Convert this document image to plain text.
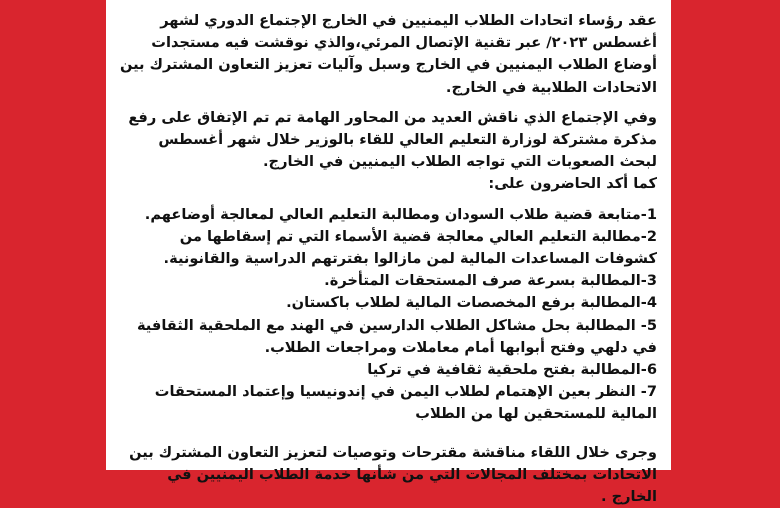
عقد رؤساء اتحادات الطلاب اليمنيين في الخارج الإجتماع الدوري لشهر أغسطس ٢٠٢٣/ عبر تقنية الإتصال المرئي،والذي نوقشت فيه مستجدات أوضاع الطلاب اليمنيين في الخارج وسبل وآليات تعزيز التعاون المشترك بين الاتحادات الطلابية في الخارج.

وفي الإجتماع الذي ناقش العديد من المحاور الهامة تم تم الإتفاق على رفع مذكرة مشتركة لوزارة التعليم العالي للقاء بالوزير خلال شهر أغسطس لبحث الصعوبات التي تواجه الطلاب اليمنيين في الخارج.

كما أكد الحاضرون على:

1-متابعة قضية طلاب السودان ومطالبة التعليم العالي لمعالجة أوضاعهم.
2-مطالبة التعليم العالي معالجة قضية الأسماء التي تم إسقاطها من كشوفات المساعدات المالية لمن مازالوا بفترتهم الدراسية والقانونية.
3-المطالبة بسرعة صرف المستحقات المتأخرة.
4-المطالبة برفع المخصصات المالية لطلاب باكستان.
5- المطالبة بحل مشاكل الطلاب الدارسين في الهند مع الملحقية الثقافية في دلهي وفتح أبوابها أمام معاملات ومراجعات الطلاب.
6-المطالبة بفتح ملحقية ثقافية في تركيا
7- النظر بعين الإهتمام لطلاب اليمن في إندونيسيا وإعتماد المستحقات المالية للمستحقين لها من الطلاب

وجرى خلال اللقاء مناقشة مقترحات وتوصيات لتعزيز التعاون المشترك بين الاتحادات بمختلف المجالات التي من شأنها خدمة الطلاب اليمنيين في الخارج .
